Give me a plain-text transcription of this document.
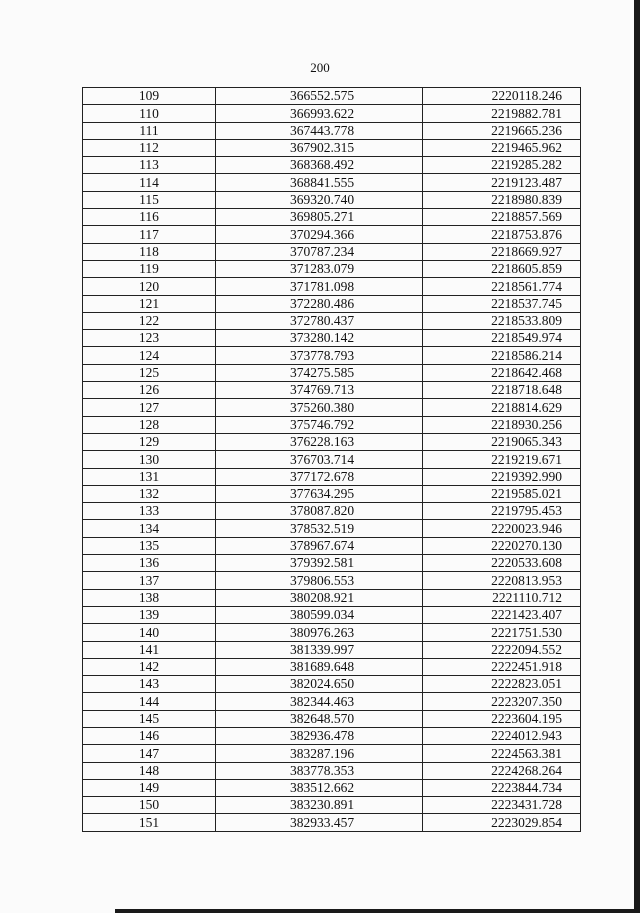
200
109	366552.575	2220118.246
110	366993.622	2219882.781
111	367443.778	2219665.236
112	367902.315	2219465.962
113	368368.492	2219285.282
114	368841.555	2219123.487
115	369320.740	2218980.839
116	369805.271	2218857.569
117	370294.366	2218753.876
118	370787.234	2218669.927
119	371283.079	2218605.859
120	371781.098	2218561.774
121	372280.486	2218537.745
122	372780.437	2218533.809
123	373280.142	2218549.974
124	373778.793	2218586.214
125	374275.585	2218642.468
126	374769.713	2218718.648
127	375260.380	2218814.629
128	375746.792	2218930.256
129	376228.163	2219065.343
130	376703.714	2219219.671
131	377172.678	2219392.990
132	377634.295	2219585.021
133	378087.820	2219795.453
134	378532.519	2220023.946
135	378967.674	2220270.130
136	379392.581	2220533.608
137	379806.553	2220813.953
138	380208.921	2221110.712
139	380599.034	2221423.407
140	380976.263	2221751.530
141	381339.997	2222094.552
142	381689.648	2222451.918
143	382024.650	2222823.051
144	382344.463	2223207.350
145	382648.570	2223604.195
146	382936.478	2224012.943
147	383287.196	2224563.381
148	383778.353	2224268.264
149	383512.662	2223844.734
150	383230.891	2223431.728
151	382933.457	2223029.854
